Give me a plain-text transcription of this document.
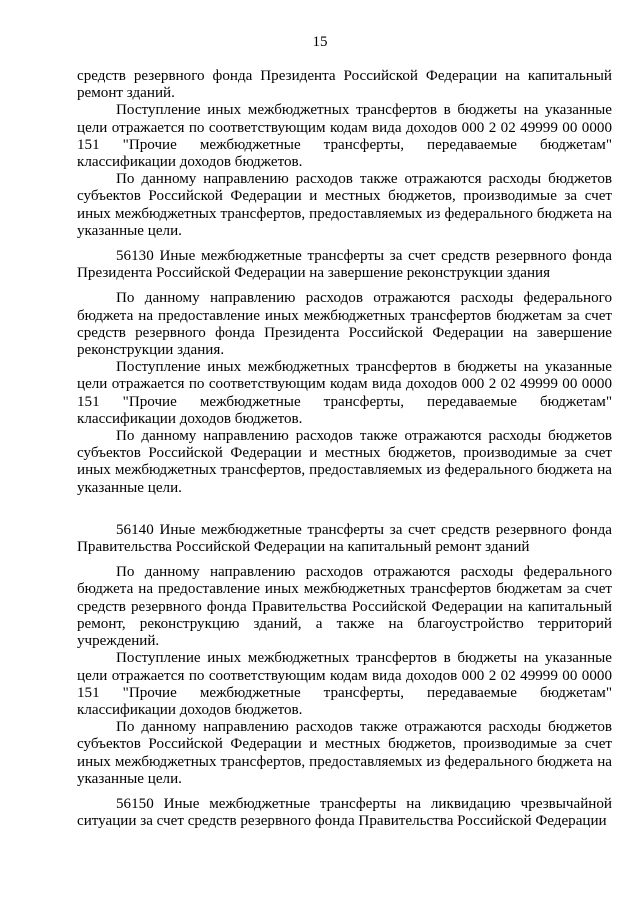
15

средств резервного фонда Президента Российской Федерации на капитальный ремонт зданий.

Поступление иных межбюджетных трансфертов в бюджеты на указанные цели отражается по соответствующим кодам вида доходов 000 2 02 49999 00 0000 151 "Прочие межбюджетные трансферты, передаваемые бюджетам" классификации доходов бюджетов.

По данному направлению расходов также отражаются расходы бюджетов субъектов Российской Федерации и местных бюджетов, производимые за счет иных межбюджетных трансфертов, предоставляемых из федерального бюджета на указанные цели.

56130 Иные межбюджетные трансферты за счет средств резервного фонда Президента Российской Федерации на завершение реконструкции здания

По данному направлению расходов отражаются расходы федерального бюджета на предоставление иных межбюджетных трансфертов бюджетам за счет средств резервного фонда Президента Российской Федерации на завершение реконструкции здания.

Поступление иных межбюджетных трансфертов в бюджеты на указанные цели отражается по соответствующим кодам вида доходов 000 2 02 49999 00 0000 151 "Прочие межбюджетные трансферты, передаваемые бюджетам" классификации доходов бюджетов.

По данному направлению расходов также отражаются расходы бюджетов субъектов Российской Федерации и местных бюджетов, производимые за счет иных межбюджетных трансфертов, предоставляемых из федерального бюджета на указанные цели.

56140 Иные межбюджетные трансферты за счет средств резервного фонда Правительства Российской Федерации на капитальный ремонт зданий

По данному направлению расходов отражаются расходы федерального бюджета на предоставление иных межбюджетных трансфертов бюджетам за счет средств резервного фонда Правительства Российской Федерации на капитальный ремонт, реконструкцию зданий, а также на благоустройство территорий учреждений.

Поступление иных межбюджетных трансфертов в бюджеты на указанные цели отражается по соответствующим кодам вида доходов 000 2 02 49999 00 0000 151 "Прочие межбюджетные трансферты, передаваемые бюджетам" классификации доходов бюджетов.

По данному направлению расходов также отражаются расходы бюджетов субъектов Российской Федерации и местных бюджетов, производимые за счет иных межбюджетных трансфертов, предоставляемых из федерального бюджета на указанные цели.

56150 Иные межбюджетные трансферты на ликвидацию чрезвычайной ситуации за счет средств резервного фонда Правительства Российской Федерации
